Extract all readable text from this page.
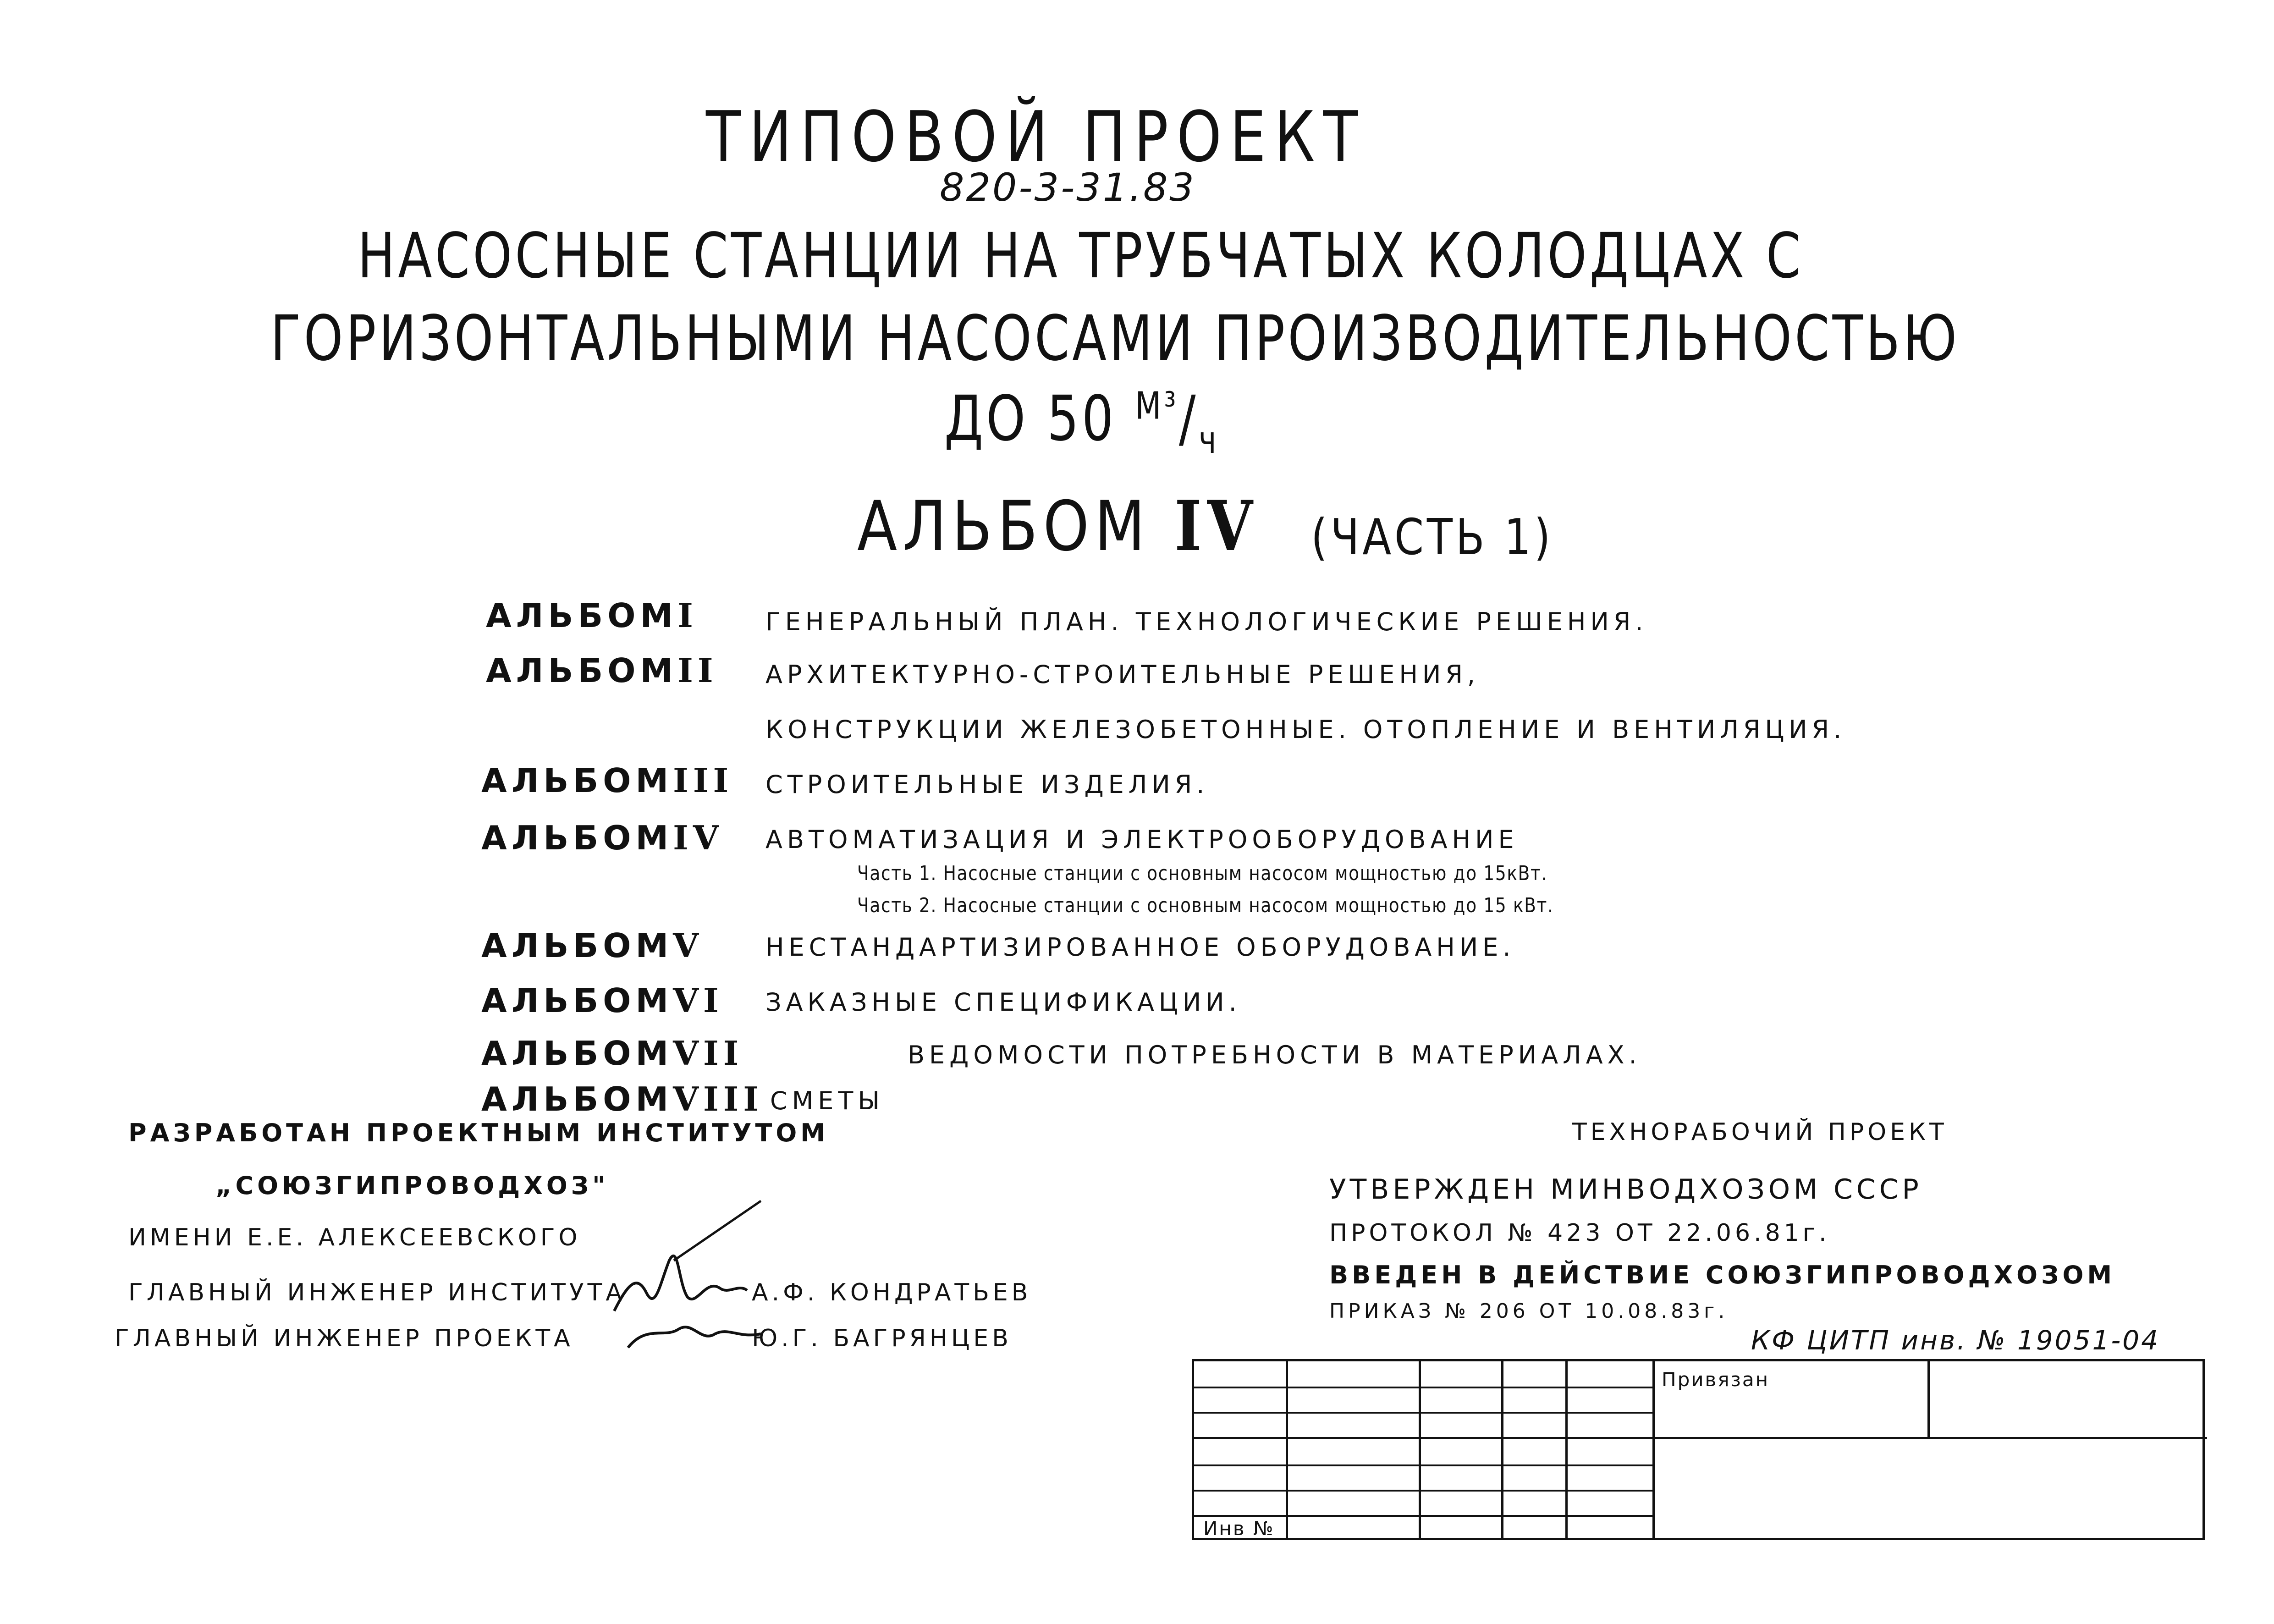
ТИПОВОЙ ПРОЕКТ
820-3-31.83
НАСОСНЫЕ СТАНЦИИ НА ТРУБЧАТЫХ КОЛОДЦАХ С
ГОРИЗОНТАЛЬНЫМИ НАСОСАМИ ПРОИЗВОДИТЕЛЬНОСТЬЮ
ДО 50 $^{М^3}/_ч$
АЛЬБОМ IV (ЧАСТЬ 1)
АЛЬБОМI	ГЕНЕРАЛЬНЫЙ ПЛАН. ТЕХНОЛОГИЧЕСКИЕ РЕШЕНИЯ.
АЛЬБОМII АРХИТЕКТУРНО-СТРОИТЕЛЬНЫЕ РЕШЕНИЯ,
КОНСТРУКЦИИ ЖЕЛЕЗОБЕТОННЫЕ. ОТОПЛЕНИЕ И ВЕНТИЛЯЦИЯ.
АЛЬБОМIII СТРОИТЕЛЬНЫЕ ИЗДЕЛИЯ.
АЛЬБОМIV АВТОМАТИЗАЦИЯ И ЭЛЕКТРООБОРУДОВАНИЕ
Часть 1. Насосные станции с основным насосом мощностью до 15кВт.
Часть 2. Насосные станции с основным насосом мощностью до 15 кВт.
АЛЬБОМV	НЕСТАНДАРТИЗИРОВАННОЕ ОБОРУДОВАНИЕ.
АЛЬБОМVI ЗАКАЗНЫЕ СПЕЦИФИКАЦИИ.
АЛЬБОМVII	ВЕДОМОСТИ ПОТРЕБНОСТИ В МАТЕРИАЛАХ.
АЛЬБОМVIII СМЕТЫ
РАЗРАБОТАН ПРОЕКТНЫМ ИНСТИТУТОМ
„СОЮЗГИПРОВОДХОЗ"
ИМЕНИ Е.Е. АЛЕКСЕЕВСКОГО
ГЛАВНЫЙ ИНЖЕНЕР ИНСТИТУТА	А.Ф. КОНДРАТЬЕВ
ГЛАВНЫЙ ИНЖЕНЕР ПРОЕКТА	Ю.Г. БАГРЯНЦЕВ
ТЕХНОРАБОЧИЙ ПРОЕКТ
УТВЕРЖДЕН МИНВОДХОЗОМ СССР
ПРОТОКОЛ № 423 ОТ 22.06.81г.
ВВЕДЕН В ДЕЙСТВИЕ СОЮЗГИПРОВОДХОЗОМ
ПРИКАЗ № 206 ОТ 10.08.83г.
КФ ЦИТП инв. № 19051-04
Привязан
Инв №
